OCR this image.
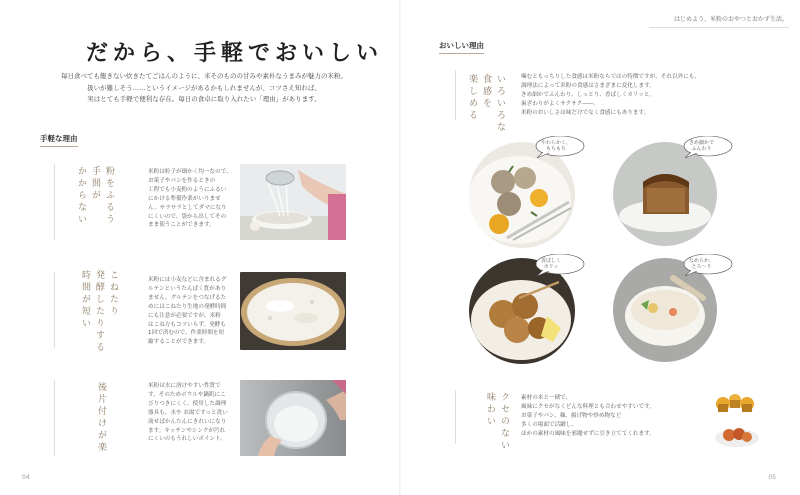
だから、手軽でおいしい
毎日食べても飽きない炊きたてごはんのように、米そのものの甘みや素朴なうまみが魅力の米粉。
扱いが難しそう……というイメージがあるかもしれませんが、コツさえ知れば、
実はとても手軽で便利な存在。毎日の食卓に取り入れたい「理由」があります。
手軽な理由
粉をふるう
手間が
かからない	米粉は粒子が細かく均一なので、
お菓子やパンを作るときの
工程でも小麦粉のようにふるい
にかける準備作業がいりませ
ん。サラサラとしてダマになり
にくいので、袋から出してその
まま使うことができます。
こねたり
発酵したりする
時間が短い	米粉には小麦などに含まれるグ
ルテンというたんぱく質があり
ません。グルテンをつなげるた
めにはこねたり生地の発酵時間
にも注意が必要ですが、米粉
はこね方もコツいらず。発酵も
1回で済むので、作業時間を短
縮することができます。
後片付けが楽	米粉は水に溶けやすい性質で
す。そのためボウルや鍋肌にこ
びりつきにくく、使用した調理
器具も、水や お湯ですっと洗い
流せばかんたんにきれいになり
ます。キッチンやシンクが汚れ
にくいのもうれしいポイント。
04
はじめよう、米粉のおやつとおかず生活。
おいしい理由
いろいろな
食感を
楽しめる	噛むともっちりした食感は米粉ならではの特徴ですが、それ以外にも、
調理法によって米粉の食感はさまざまに変化します。
きめ細かでふんわり、しっとり、香ばしくカリッと。
歯ざわりがよくサクサク――。
米粉のおいしさは味だけでなく食感にもあります。
やわらかく、
もちもち
きめ細かで
ふんわり
香ばしく
カリッ
なめらか、
とろ〜り
クセのない
味わい	素材の米と一緒で、
風味にクセがなくどんな料理とも合わせやすいです。
お菓子やパン、麺、揚げ物や炒め物など
多くの場面で活躍し、
ほかの素材の風味を邪魔せずに引き立ててくれます。
05
